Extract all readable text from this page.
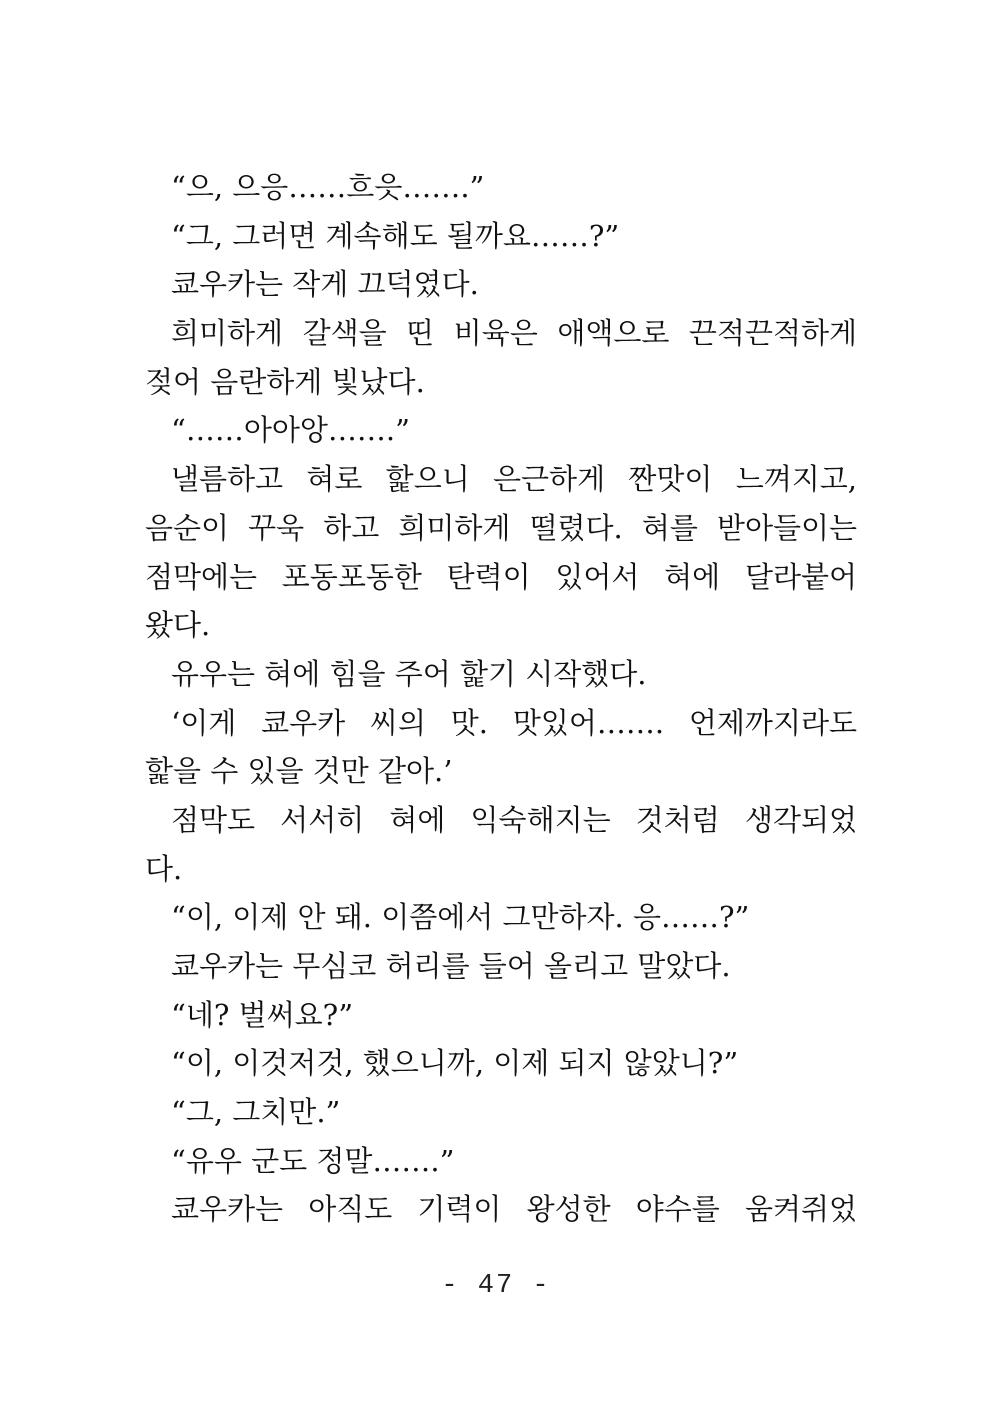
“으, 으응……흐읏…….”
“그, 그러면 계속해도 될까요……?”
쿄우카는 작게 끄덕였다.
희미하게 갈색을 띤 비육은 애액으로 끈적끈적하게
젖어 음란하게 빛났다.
“……아아앙…….”
낼름하고 혀로 핥으니 은근하게 짠맛이 느껴지고,
음순이 꾸욱 하고 희미하게 떨렸다. 혀를 받아들이는
점막에는 포동포동한 탄력이 있어서 혀에 달라붙어
왔다.
유우는 혀에 힘을 주어 핥기 시작했다.
‘이게 쿄우카 씨의 맛. 맛있어……. 언제까지라도
핥을 수 있을 것만 같아.’
점막도 서서히 혀에 익숙해지는 것처럼 생각되었
다.
“이, 이제 안 돼. 이쯤에서 그만하자. 응……?”
쿄우카는 무심코 허리를 들어 올리고 말았다.
“네? 벌써요?”
“이, 이것저것, 했으니까, 이제 되지 않았니?”
“그, 그치만.”
“유우 군도 정말…….”
쿄우카는 아직도 기력이 왕성한 야수를 움켜쥐었
- 47 -
